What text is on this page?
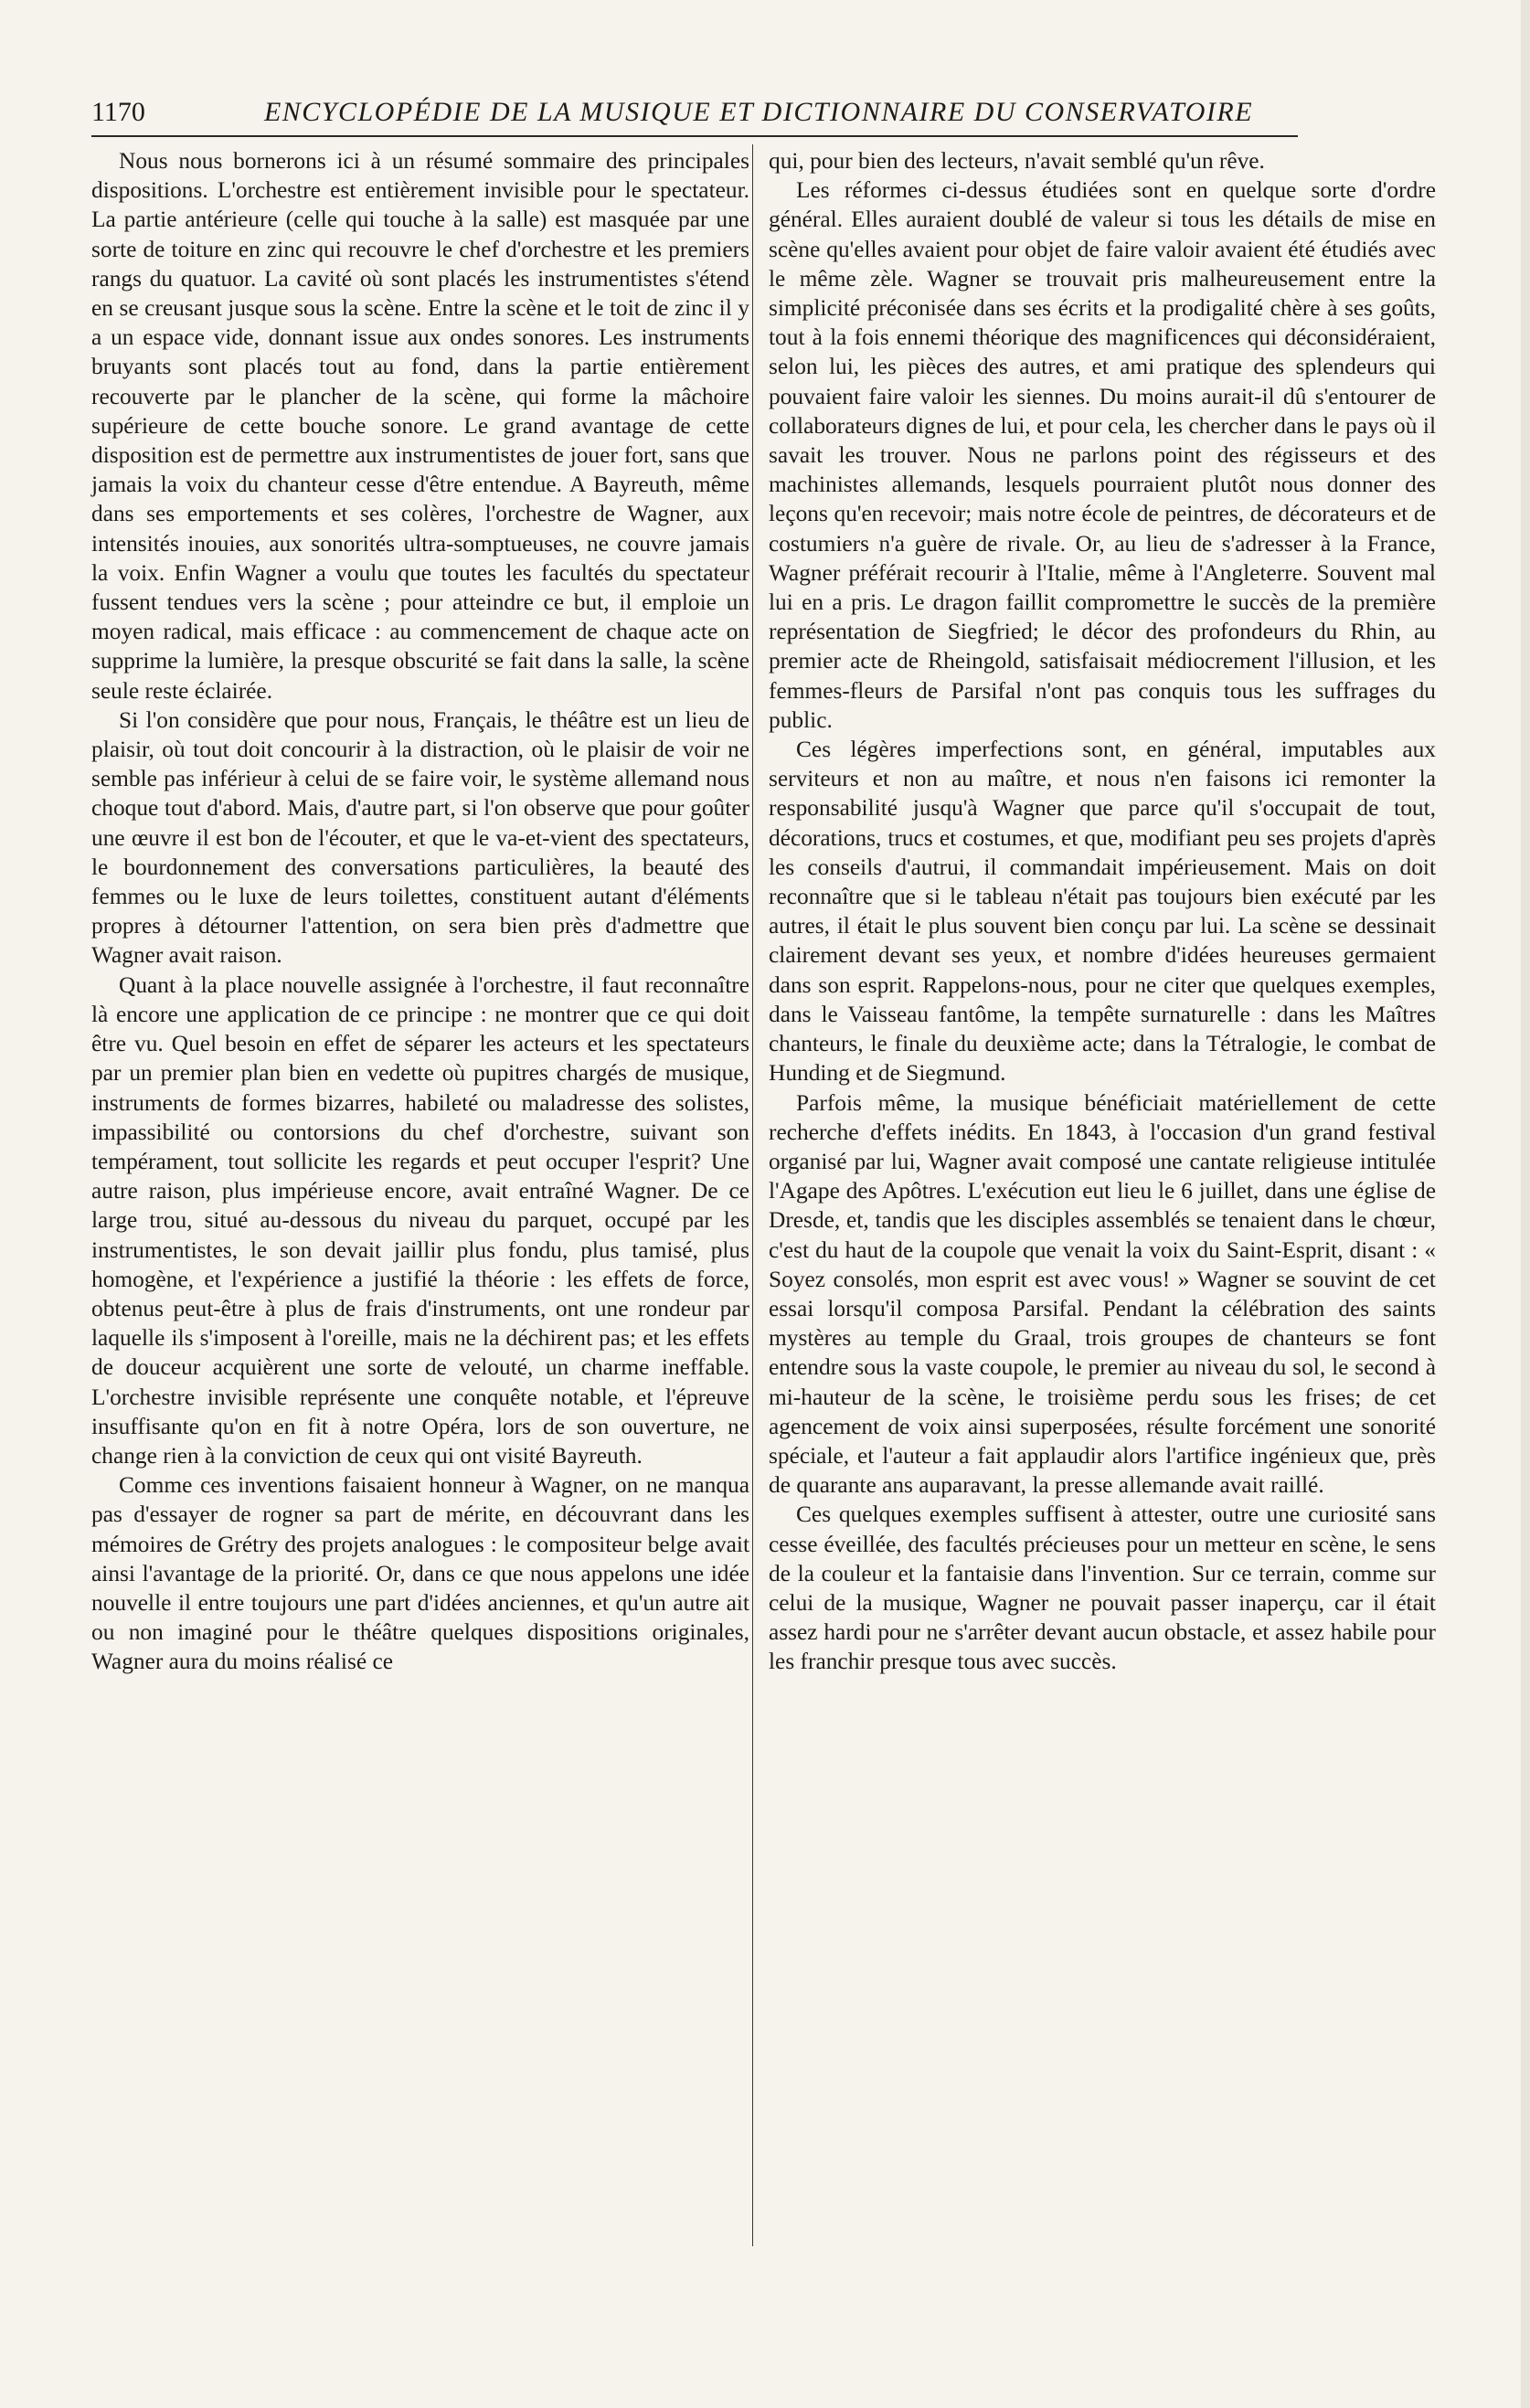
1170	ENCYCLOPÉDIE DE LA MUSIQUE ET DICTIONNAIRE DU CONSERVATOIRE

Nous nous bornerons ici à un résumé sommaire des principales dispositions. L'orchestre est entièrement invisible pour le spectateur. La partie antérieure (celle qui touche à la salle) est masquée par une sorte de toiture en zinc qui recouvre le chef d'orchestre et les premiers rangs du quatuor. La cavité où sont placés les instrumentistes s'étend en se creusant jusque sous la scène. Entre la scène et le toit de zinc il y a un espace vide, donnant issue aux ondes sonores. Les instruments bruyants sont placés tout au fond, dans la partie entièrement recouverte par le plancher de la scène, qui forme la mâchoire supérieure de cette bouche sonore. Le grand avantage de cette disposition est de permettre aux instrumentistes de jouer fort, sans que jamais la voix du chanteur cesse d'être entendue. A Bayreuth, même dans ses emportements et ses colères, l'orchestre de Wagner, aux intensités inouies, aux sonorités ultra-somptueuses, ne couvre jamais la voix. Enfin Wagner a voulu que toutes les facultés du spectateur fussent tendues vers la scène ; pour atteindre ce but, il emploie un moyen radical, mais efficace : au commencement de chaque acte on supprime la lumière, la presque obscurité se fait dans la salle, la scène seule reste éclairée.

Si l'on considère que pour nous, Français, le théâtre est un lieu de plaisir, où tout doit concourir à la distraction, où le plaisir de voir ne semble pas inférieur à celui de se faire voir, le système allemand nous choque tout d'abord. Mais, d'autre part, si l'on observe que pour goûter une œuvre il est bon de l'écouter, et que le va-et-vient des spectateurs, le bourdonnement des conversations particulières, la beauté des femmes ou le luxe de leurs toilettes, constituent autant d'éléments propres à détourner l'attention, on sera bien près d'admettre que Wagner avait raison.

Quant à la place nouvelle assignée à l'orchestre, il faut reconnaître là encore une application de ce principe : ne montrer que ce qui doit être vu. Quel besoin en effet de séparer les acteurs et les spectateurs par un premier plan bien en vedette où pupitres chargés de musique, instruments de formes bizarres, habileté ou maladresse des solistes, impassibilité ou contorsions du chef d'orchestre, suivant son tempérament, tout sollicite les regards et peut occuper l'esprit? Une autre raison, plus impérieuse encore, avait entraîné Wagner. De ce large trou, situé au-dessous du niveau du parquet, occupé par les instrumentistes, le son devait jaillir plus fondu, plus tamisé, plus homogène, et l'expérience a justifié la théorie : les effets de force, obtenus peut-être à plus de frais d'instruments, ont une rondeur par laquelle ils s'imposent à l'oreille, mais ne la déchirent pas; et les effets de douceur acquièrent une sorte de velouté, un charme ineffable. L'orchestre invisible représente une conquête notable, et l'épreuve insuffisante qu'on en fit à notre Opéra, lors de son ouverture, ne change rien à la conviction de ceux qui ont visité Bayreuth.

Comme ces inventions faisaient honneur à Wagner, on ne manqua pas d'essayer de rogner sa part de mérite, en découvrant dans les mémoires de Grétry des projets analogues : le compositeur belge avait ainsi l'avantage de la priorité. Or, dans ce que nous appelons une idée nouvelle il entre toujours une part d'idées anciennes, et qu'un autre ait ou non imaginé pour le théâtre quelques dispositions originales, Wagner aura du moins réalisé ce

qui, pour bien des lecteurs, n'avait semblé qu'un rêve.

Les réformes ci-dessus étudiées sont en quelque sorte d'ordre général. Elles auraient doublé de valeur si tous les détails de mise en scène qu'elles avaient pour objet de faire valoir avaient été étudiés avec le même zèle. Wagner se trouvait pris malheureusement entre la simplicité préconisée dans ses écrits et la prodigalité chère à ses goûts, tout à la fois ennemi théorique des magnificences qui déconsidéraient, selon lui, les pièces des autres, et ami pratique des splendeurs qui pouvaient faire valoir les siennes. Du moins aurait-il dû s'entourer de collaborateurs dignes de lui, et pour cela, les chercher dans le pays où il savait les trouver. Nous ne parlons point des régisseurs et des machinistes allemands, lesquels pourraient plutôt nous donner des leçons qu'en recevoir; mais notre école de peintres, de décorateurs et de costumiers n'a guère de rivale. Or, au lieu de s'adresser à la France, Wagner préférait recourir à l'Italie, même à l'Angleterre. Souvent mal lui en a pris. Le dragon faillit compromettre le succès de la première représentation de Siegfried; le décor des profondeurs du Rhin, au premier acte de Rheingold, satisfaisait médiocrement l'illusion, et les femmes-fleurs de Parsifal n'ont pas conquis tous les suffrages du public.

Ces légères imperfections sont, en général, imputables aux serviteurs et non au maître, et nous n'en faisons ici remonter la responsabilité jusqu'à Wagner que parce qu'il s'occupait de tout, décorations, trucs et costumes, et que, modifiant peu ses projets d'après les conseils d'autrui, il commandait impérieusement. Mais on doit reconnaître que si le tableau n'était pas toujours bien exécuté par les autres, il était le plus souvent bien conçu par lui. La scène se dessinait clairement devant ses yeux, et nombre d'idées heureuses germaient dans son esprit. Rappelons-nous, pour ne citer que quelques exemples, dans le Vaisseau fantôme, la tempête surnaturelle : dans les Maîtres chanteurs, le finale du deuxième acte; dans la Tétralogie, le combat de Hunding et de Siegmund.

Parfois même, la musique bénéficiait matériellement de cette recherche d'effets inédits. En 1843, à l'occasion d'un grand festival organisé par lui, Wagner avait composé une cantate religieuse intitulée l'Agape des Apôtres. L'exécution eut lieu le 6 juillet, dans une église de Dresde, et, tandis que les disciples assemblés se tenaient dans le chœur, c'est du haut de la coupole que venait la voix du Saint-Esprit, disant : « Soyez consolés, mon esprit est avec vous! » Wagner se souvint de cet essai lorsqu'il composa Parsifal. Pendant la célébration des saints mystères au temple du Graal, trois groupes de chanteurs se font entendre sous la vaste coupole, le premier au niveau du sol, le second à mi-hauteur de la scène, le troisième perdu sous les frises; de cet agencement de voix ainsi superposées, résulte forcément une sonorité spéciale, et l'auteur a fait applaudir alors l'artifice ingénieux que, près de quarante ans auparavant, la presse allemande avait raillé.

Ces quelques exemples suffisent à attester, outre une curiosité sans cesse éveillée, des facultés précieuses pour un metteur en scène, le sens de la couleur et la fantaisie dans l'invention. Sur ce terrain, comme sur celui de la musique, Wagner ne pouvait passer inaperçu, car il était assez hardi pour ne s'arrêter devant aucun obstacle, et assez habile pour les franchir presque tous avec succès.
